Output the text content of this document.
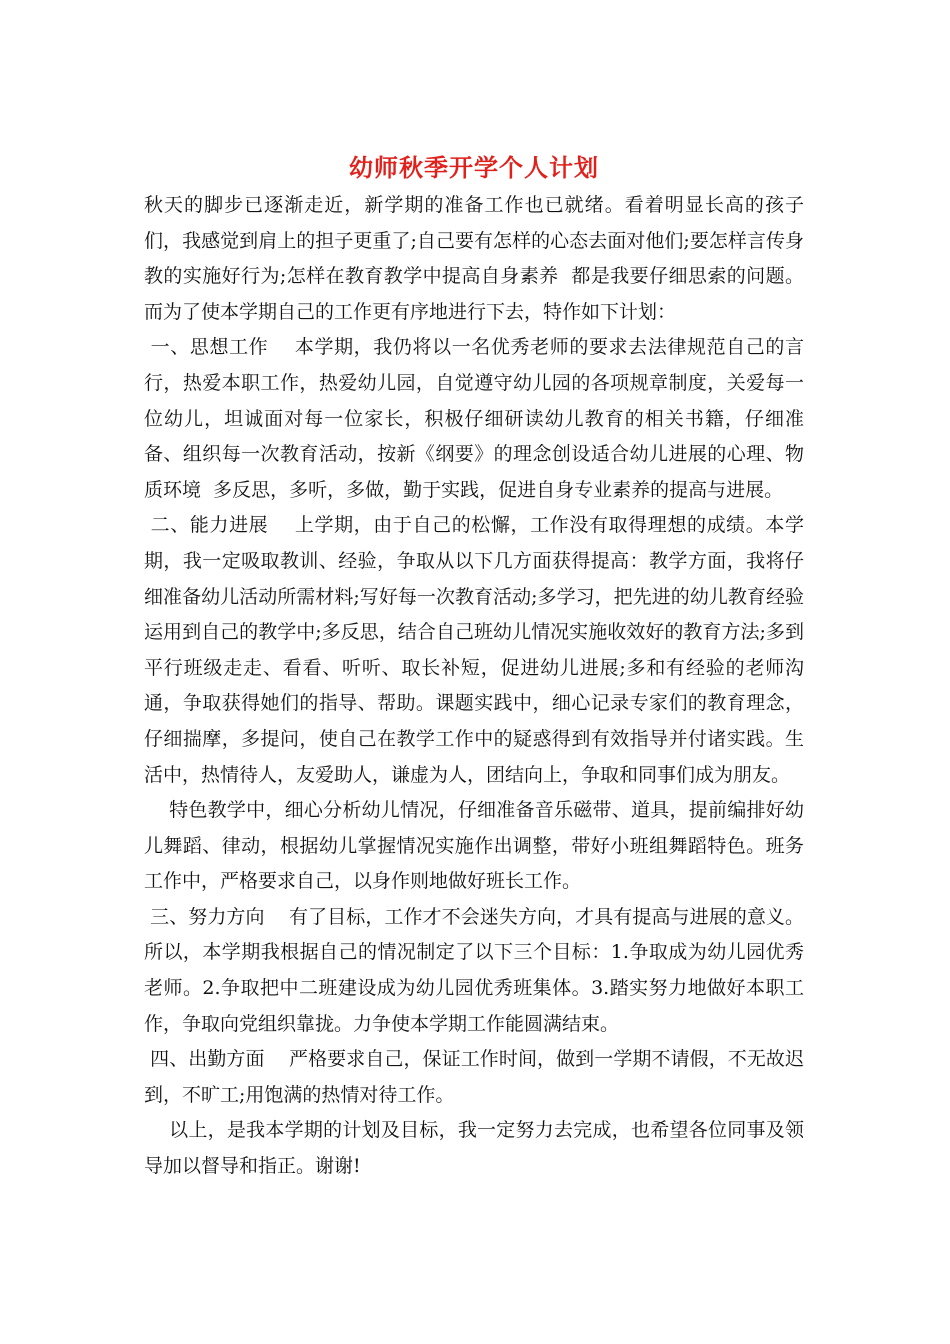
幼师秋季开学个人计划

秋天的脚步已逐渐走近，新学期的准备工作也已就绪。看着明显长高的孩子们，我感觉到肩上的担子更重了;自己要有怎样的心态去面对他们;要怎样言传身教的实施好行为;怎样在教育教学中提高自身素养  都是我要仔细思索的问题。而为了使本学期自己的工作更有序地进行下去，特作如下计划：

一、思想工作    本学期，我仍将以一名优秀老师的要求去法律规范自己的言行，热爱本职工作，热爱幼儿园，自觉遵守幼儿园的各项规章制度，关爱每一位幼儿，坦诚面对每一位家长，积极仔细研读幼儿教育的相关书籍，仔细准备、组织每一次教育活动，按新《纲要》的理念创设适合幼儿进展的心理、物质环境  多反思，多听，多做，勤于实践，促进自身专业素养的提高与进展。

二、能力进展    上学期，由于自己的松懈，工作没有取得理想的成绩。本学期，我一定吸取教训、经验，争取从以下几方面获得提高：教学方面，我将仔细准备幼儿活动所需材料;写好每一次教育活动;多学习，把先进的幼儿教育经验运用到自己的教学中;多反思，结合自己班幼儿情况实施收效好的教育方法;多到平行班级走走、看看、听听、取长补短，促进幼儿进展;多和有经验的老师沟通，争取获得她们的指导、帮助。课题实践中，细心记录专家们的教育理念，仔细揣摩，多提问，使自己在教学工作中的疑惑得到有效指导并付诸实践。生活中，热情待人，友爱助人，谦虚为人，团结向上，争取和同事们成为朋友。

特色教学中，细心分析幼儿情况，仔细准备音乐磁带、道具，提前编排好幼儿舞蹈、律动，根据幼儿掌握情况实施作出调整，带好小班组舞蹈特色。班务工作中，严格要求自己，以身作则地做好班长工作。

三、努力方向    有了目标，工作才不会迷失方向，才具有提高与进展的意义。所以，本学期我根据自己的情况制定了以下三个目标：1.争取成为幼儿园优秀老师。2.争取把中二班建设成为幼儿园优秀班集体。3.踏实努力地做好本职工作，争取向党组织靠拢。力争使本学期工作能圆满结束。

四、出勤方面    严格要求自己，保证工作时间，做到一学期不请假，不无故迟到，不旷工;用饱满的热情对待工作。

以上，是我本学期的计划及目标，我一定努力去完成，也希望各位同事及领导加以督导和指正。谢谢!
